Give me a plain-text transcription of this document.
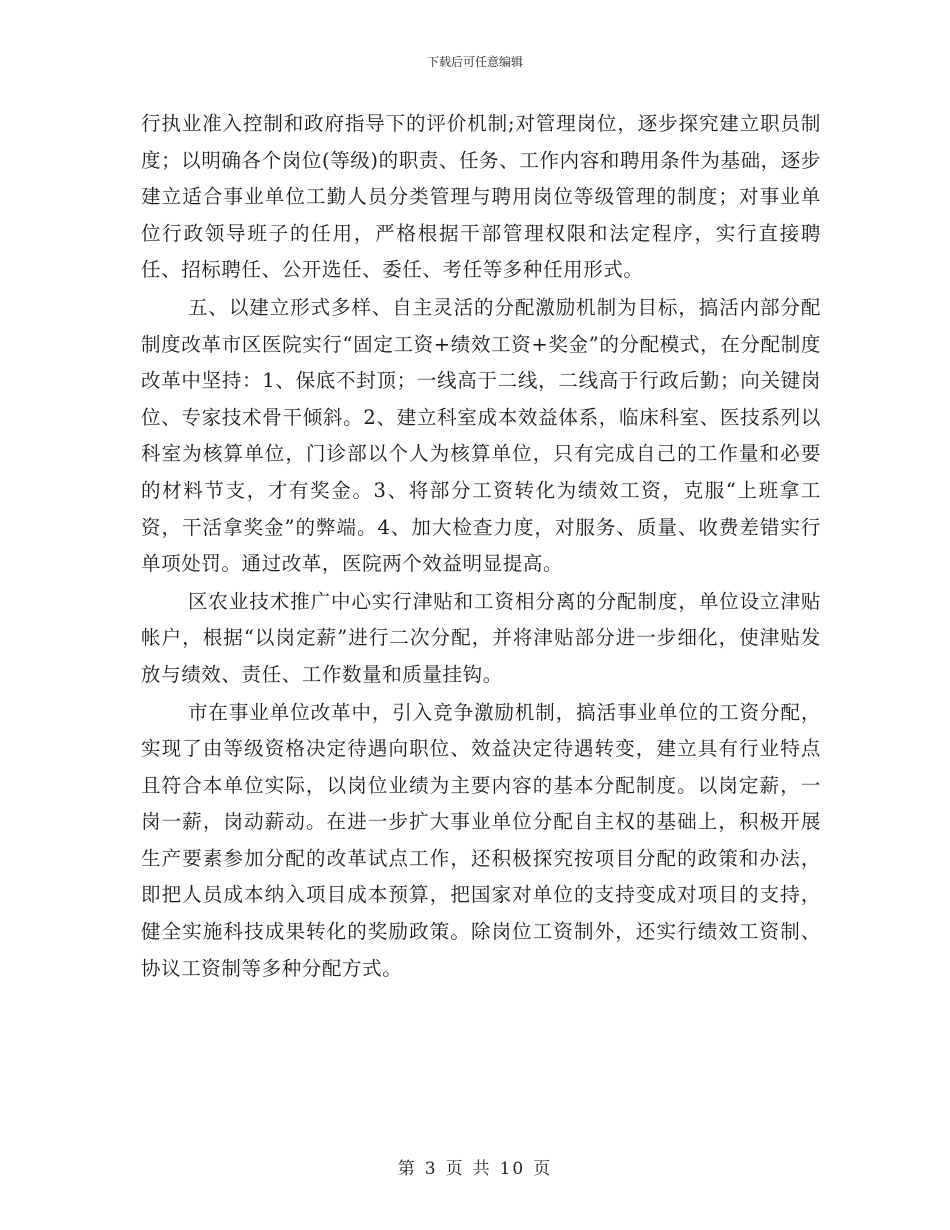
下载后可任意编辑

行执业准入控制和政府指导下的评价机制;对管理岗位，逐步探究建立职员制度；以明确各个岗位(等级)的职责、任务、工作内容和聘用条件为基础，逐步建立适合事业单位工勤人员分类管理与聘用岗位等级管理的制度；对事业单位行政领导班子的任用，严格根据干部管理权限和法定程序，实行直接聘任、招标聘任、公开选任、委任、考任等多种任用形式。

五、以建立形式多样、自主灵活的分配激励机制为目标，搞活内部分配制度改革市区医院实行“固定工资+绩效工资+奖金”的分配模式，在分配制度改革中坚持：1、保底不封顶；一线高于二线，二线高于行政后勤；向关键岗位、专家技术骨干倾斜。2、建立科室成本效益体系，临床科室、医技系列以科室为核算单位，门诊部以个人为核算单位，只有完成自己的工作量和必要的材料节支，才有奖金。3、将部分工资转化为绩效工资，克服“上班拿工资，干活拿奖金”的弊端。4、加大检查力度，对服务、质量、收费差错实行单项处罚。通过改革，医院两个效益明显提高。

区农业技术推广中心实行津贴和工资相分离的分配制度，单位设立津贴帐户，根据“以岗定薪”进行二次分配，并将津贴部分进一步细化，使津贴发放与绩效、责任、工作数量和质量挂钩。

市在事业单位改革中，引入竞争激励机制，搞活事业单位的工资分配，实现了由等级资格决定待遇向职位、效益决定待遇转变，建立具有行业特点且符合本单位实际，以岗位业绩为主要内容的基本分配制度。以岗定薪，一岗一薪，岗动薪动。在进一步扩大事业单位分配自主权的基础上，积极开展生产要素参加分配的改革试点工作，还积极探究按项目分配的政策和办法，即把人员成本纳入项目成本预算，把国家对单位的支持变成对项目的支持，健全实施科技成果转化的奖励政策。除岗位工资制外，还实行绩效工资制、协议工资制等多种分配方式。

第 3 页 共 10 页
